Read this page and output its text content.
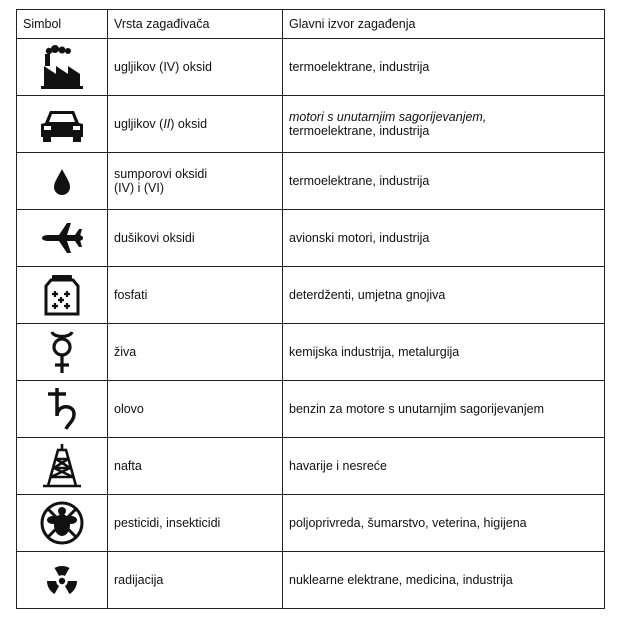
Simbol	Vrsta zagađivača	Glavni izvor zagađenja

	ugljikov (IV) oksid	termoelektrane, industrija

	ugljikov (II) oksid	motori s unutarnjim sagorijevanjem,
termoelektrane, industrija

	sumporovi oksidi
(IV) i (VI)	termoelektrane, industrija

	dušikovi oksidi	avionski motori, industrija

	fosfati	deterdženti, umjetna gnojiva

	živa	kemijska industrija, metalurgija

	olovo	benzin za motore s unutarnjim sagorijevanjem

	nafta	havarije i nesreće

	pesticidi, insekticidi	poljoprivreda, šumarstvo, veterina, higijena

	radijacija	nuklearne elektrane, medicina, industrija
